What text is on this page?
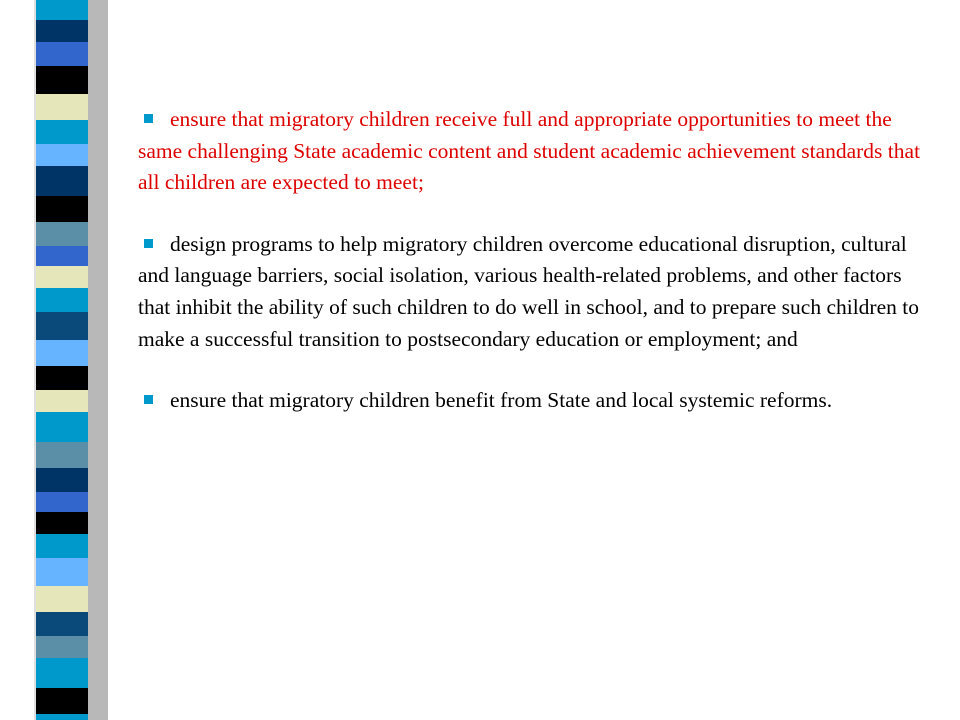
ensure that migratory children receive full and appropriate opportunities to meet the same challenging State academic content and student academic achievement standards that all children are expected to meet;

design programs to help migratory children overcome educational disruption, cultural and language barriers, social isolation, various health-related problems, and other factors that inhibit the ability of such children to do well in school, and to prepare such children to make a successful transition to postsecondary education or employment; and

ensure that migratory children benefit from State and local systemic reforms.
